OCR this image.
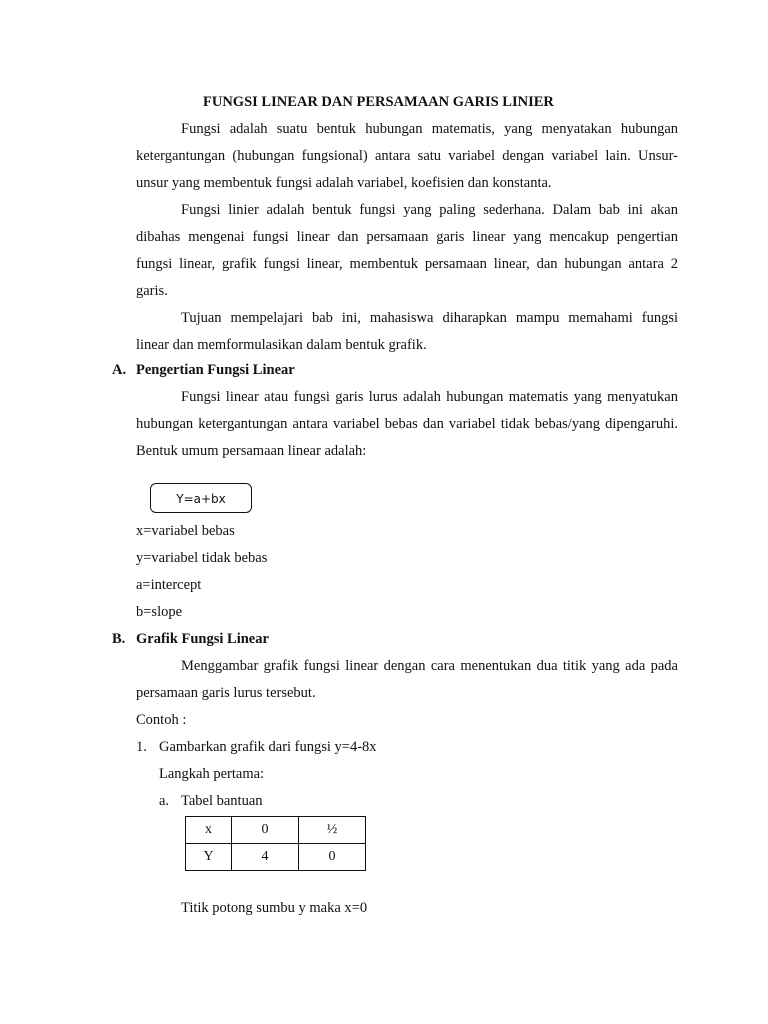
FUNGSI LINEAR DAN PERSAMAAN GARIS LINIER
Fungsi adalah suatu bentuk hubungan matematis, yang menyatakan hubungan
ketergantungan (hubungan fungsional) antara satu variabel dengan variabel lain. Unsur-
unsur yang membentuk fungsi adalah variabel, koefisien dan konstanta.
Fungsi linier adalah bentuk fungsi yang paling sederhana. Dalam bab ini akan
dibahas mengenai fungsi linear dan persamaan garis linear yang mencakup pengertian
fungsi linear, grafik fungsi linear, membentuk persamaan linear, dan hubungan antara 2
garis.
Tujuan mempelajari bab ini, mahasiswa diharapkan mampu memahami fungsi
linear dan memformulasikan dalam bentuk grafik.
A. Pengertian Fungsi Linear
Fungsi linear atau fungsi garis lurus adalah hubungan matematis yang menyatukan
hubungan ketergantungan antara variabel bebas dan variabel tidak bebas/yang dipengaruhi.
Bentuk umum persamaan linear adalah:
Y=a+bx
x=variabel bebas
y=variabel tidak bebas
a=intercept
b=slope
B. Grafik Fungsi Linear
Menggambar grafik fungsi linear dengan cara menentukan dua titik yang ada pada
persamaan garis lurus tersebut.
Contoh :
1. Gambarkan grafik dari fungsi y=4-8x
Langkah pertama:
a. Tabel bantuan
x	0	½
Y	4	0
Titik potong sumbu y maka x=0
